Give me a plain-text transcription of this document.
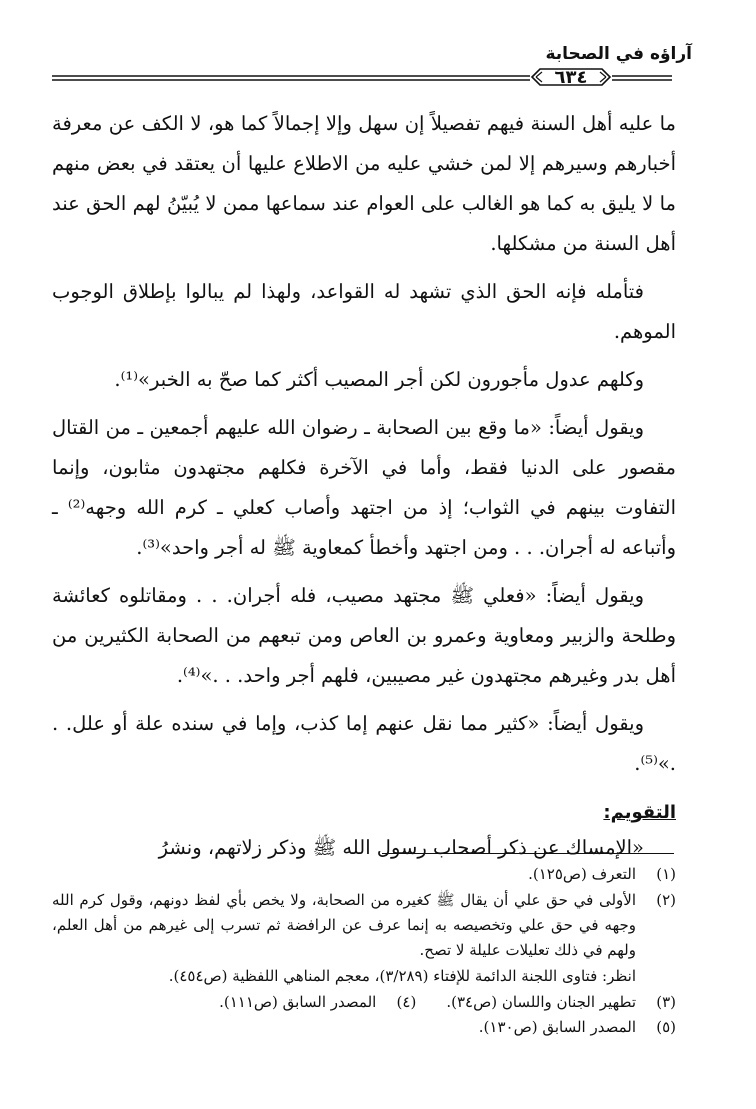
آراؤه في الصحابة
٦٣٤

ما عليه أهل السنة فيهم تفصيلاً إن سهل وإلا إجمالاً كما هو، لا الكف عن معرفة أخبارهم وسيرهم إلا لمن خشي عليه من الاطلاع عليها أن يعتقد في بعض منهم ما لا يليق به كما هو الغالب على العوام عند سماعها ممن لا يُبيّنُ لهم الحق عند أهل السنة من مشكلها.

فتأمله فإنه الحق الذي تشهد له القواعد، ولهذا لم يبالوا بإطلاق الوجوب الموهم.

وكلهم عدول مأجورون لكن أجر المصيب أكثر كما صحّ به الخبر»⁽¹⁾.

ويقول أيضاً: «ما وقع بين الصحابة ـ رضوان الله عليهم أجمعين ـ من القتال مقصور على الدنيا فقط، وأما في الآخرة فكلهم مجتهدون مثابون، وإنما التفاوت بينهم في الثواب؛ إذ من اجتهد وأصاب كعلي ـ كرم الله وجهه⁽²⁾ ـ وأتباعه له أجران. . . ومن اجتهد وأخطأ كمعاوية ﷺ له أجر واحد»⁽³⁾.

ويقول أيضاً: «فعلي ﷺ مجتهد مصيب، فله أجران. . . ومقاتلوه كعائشة وطلحة والزبير ومعاوية وعمرو بن العاص ومن تبعهم من الصحابة الكثيرين من أهل بدر وغيرهم مجتهدون غير مصيبين، فلهم أجر واحد. . .»⁽⁴⁾.

ويقول أيضاً: «كثير مما نقل عنهم إما كذب، وإما في سنده علة أو علل. . .»⁽⁵⁾.

التقويم:

«الإمساك عن ذكر أصحاب رسول الله ﷺ وذكر زلاتهم، ونشرُ

(١)
التعرف (ص١٢٥).
(٢)
الأولى في حق علي أن يقال ﷺ كغيره من الصحابة، ولا يخص بأي لفظ دونهم، وقول كرم الله وجهه في حق علي وتخصيصه به إنما عرف عن الرافضة ثم تسرب إلى غيرهم من أهل العلم، ولهم في ذلك تعليلات عليلة لا تصح.
انظر: فتاوى اللجنة الدائمة للإفتاء (٣/٢٨٩)، معجم المناهي اللفظية (ص٤٥٤).
(٣)
تطهير الجنان واللسان (ص٣٤).
(٤)
المصدر السابق (ص١١١).
(٥)
المصدر السابق (ص١٣٠).
